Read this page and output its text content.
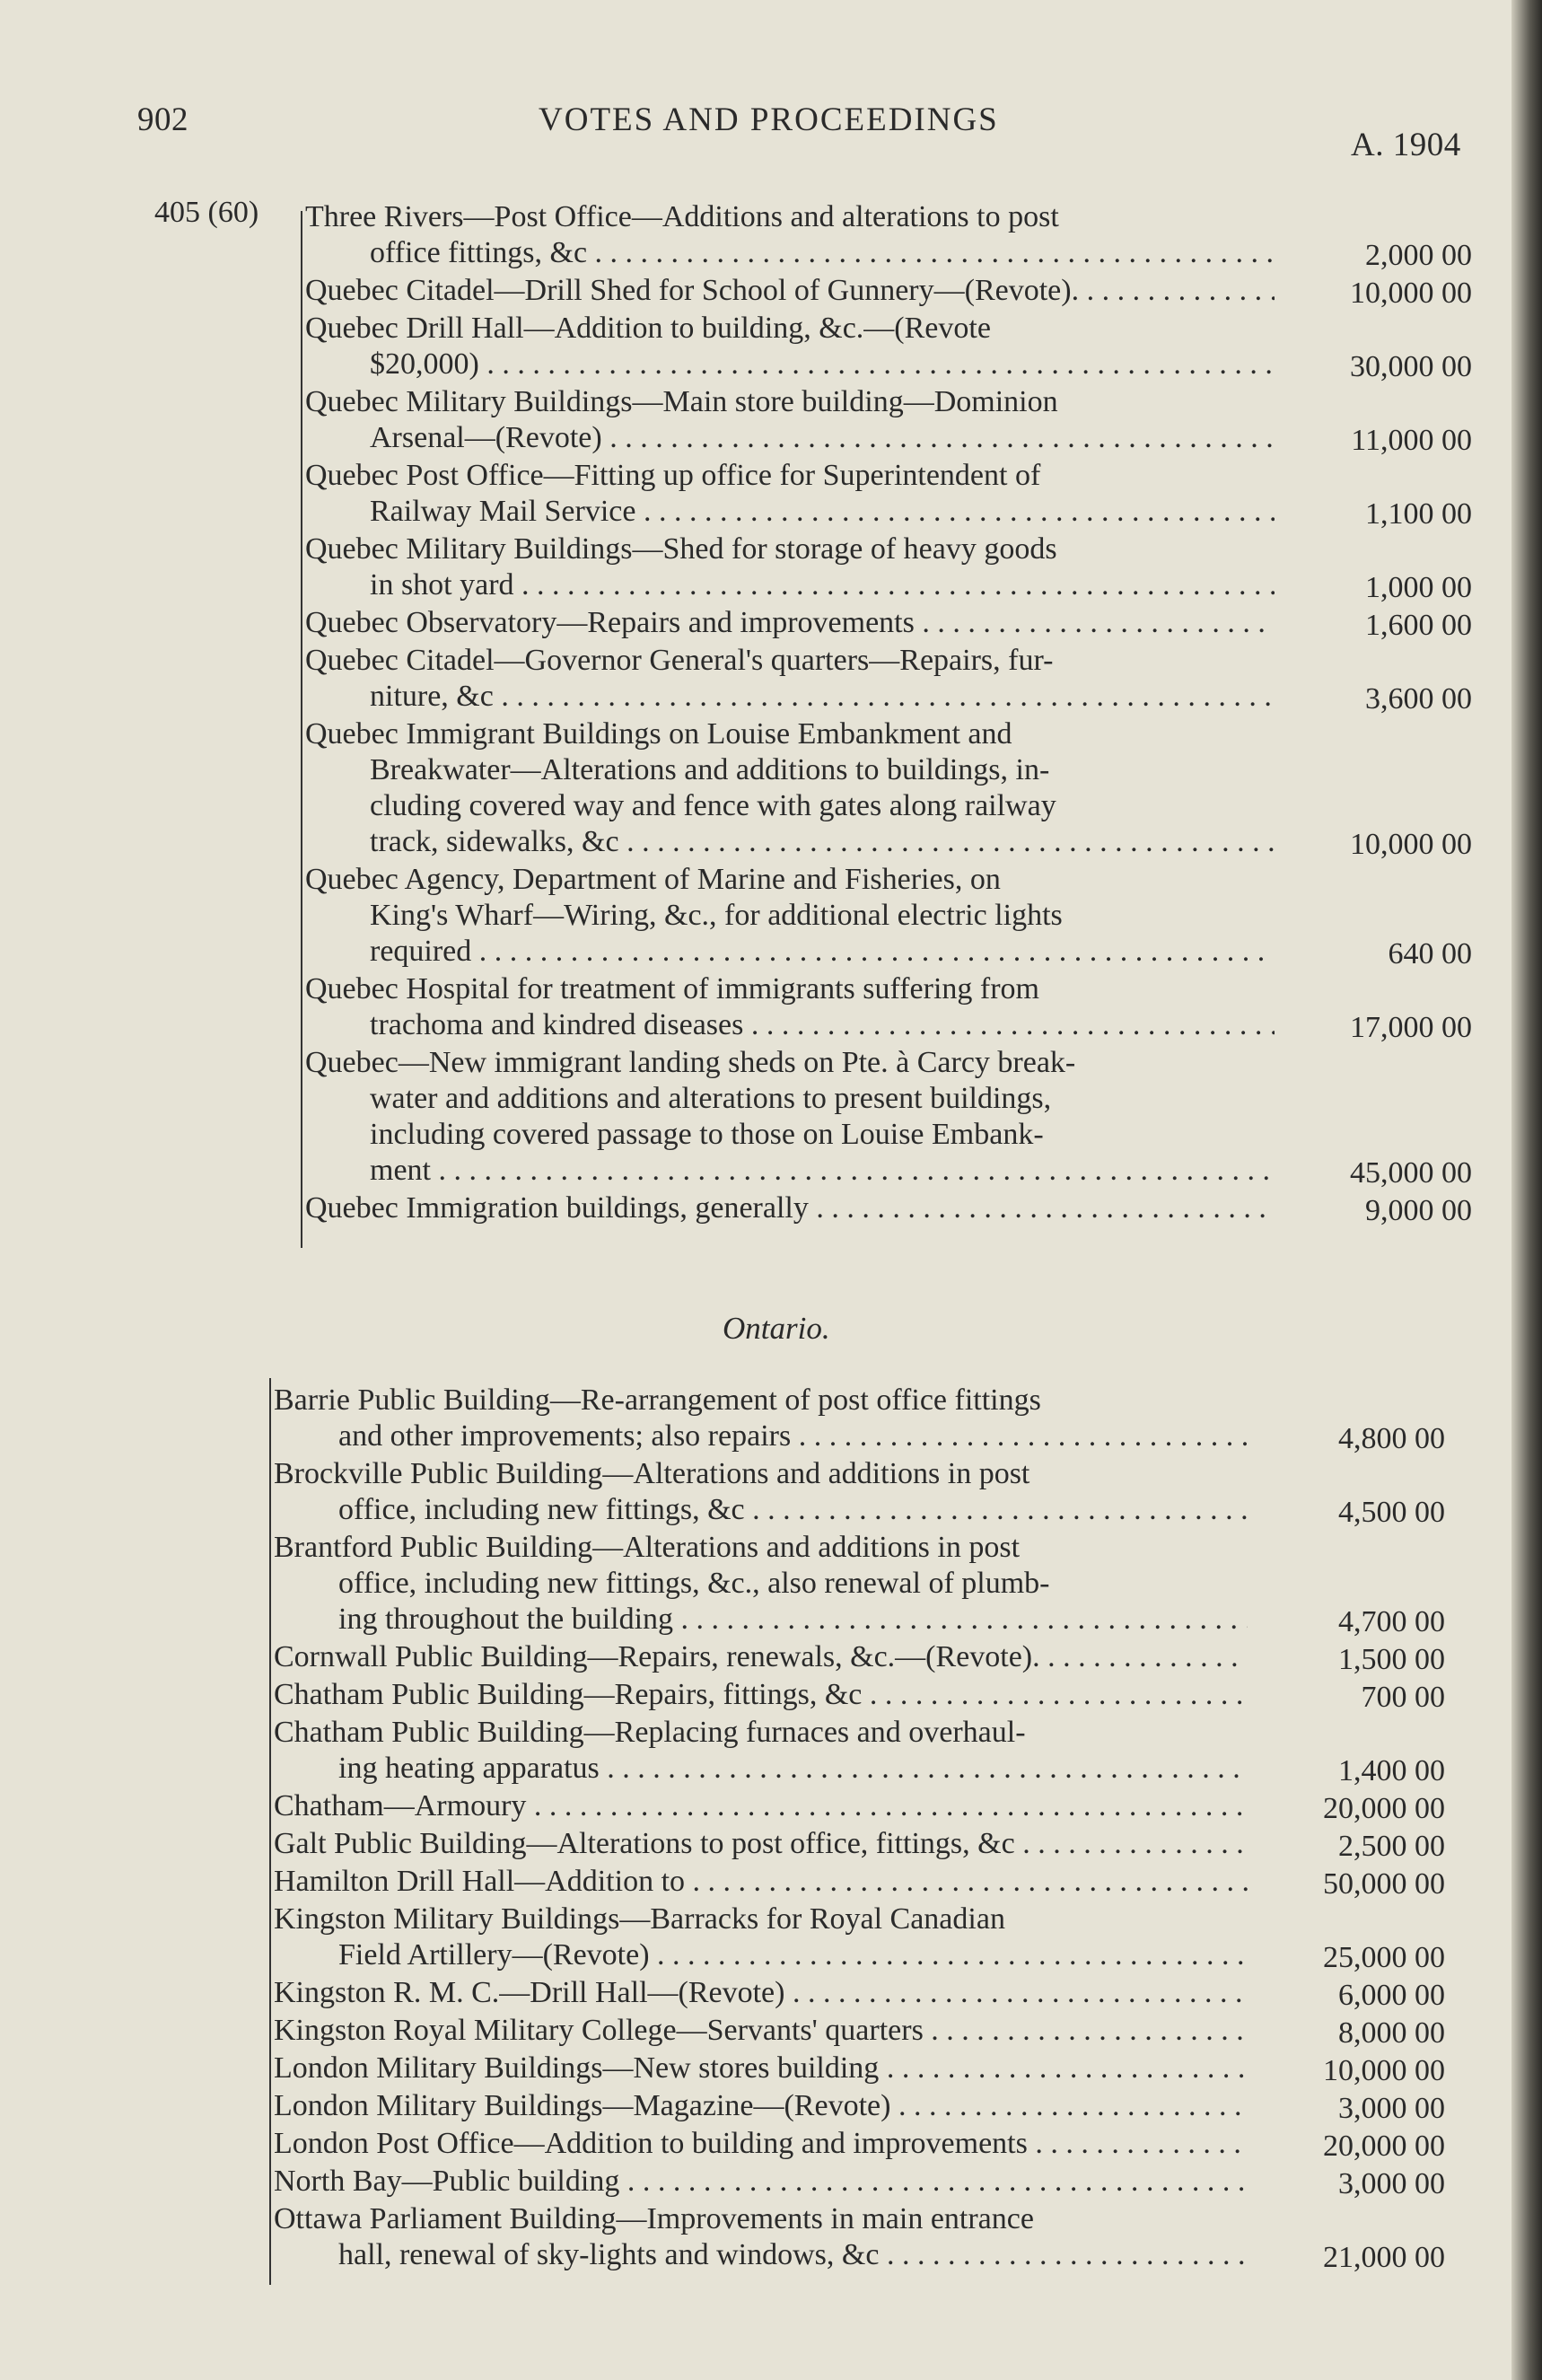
902	VOTES AND PROCEEDINGS
A. 1904
405 (60) Three Rivers—Post Office—Additions and alterations to post
office fittings, &c . . .	2,000 00
Quebec Citadel—Drill Shed for School of Gunnery—(Revote). . . .	10,000 00
Quebec Drill Hall—Addition to building, &c.—(Revote
$20,000) . . .	30,000 00
Quebec Military Buildings—Main store building—Dominion
Arsenal—(Revote) . . .	11,000 00
Quebec Post Office—Fitting up office for Superintendent of
Railway Mail Service . . .	1,100 00
Quebec Military Buildings—Shed for storage of heavy goods
in shot yard . . .	1,000 00
Quebec Observatory—Repairs and improvements . . .	1,600 00
Quebec Citadel—Governor General's quarters—Repairs, fur-
niture, &c . . .	3,600 00
Quebec Immigrant Buildings on Louise Embankment and
Breakwater—Alterations and additions to buildings, in-
cluding covered way and fence with gates along railway
track, sidewalks, &c . . .	10,000 00
Quebec Agency, Department of Marine and Fisheries, on
King's Wharf—Wiring, &c., for additional electric lights
required . . .	640 00
Quebec Hospital for treatment of immigrants suffering from
trachoma and kindred diseases . . .	17,000 00
Quebec—New immigrant landing sheds on Pte. à Carcy break-
water and additions and alterations to present buildings,
including covered passage to those on Louise Embank-
ment . . .	45,000 00
Quebec Immigration buildings, generally . . .	9,000 00
Ontario.
Barrie Public Building—Re-arrangement of post office fittings
and other improvements; also repairs . . .	4,800 00
Brockville Public Building—Alterations and additions in post
office, including new fittings, &c . . .	4,500 00
Brantford Public Building—Alterations and additions in post
office, including new fittings, &c., also renewal of plumb-
ing throughout the building . . .	4,700 00
Cornwall Public Building—Repairs, renewals, &c.—(Revote). . . .	1,500 00
Chatham Public Building—Repairs, fittings, &c . . .	700 00
Chatham Public Building—Replacing furnaces and overhaul-
ing heating apparatus . . .	1,400 00
Chatham—Armoury . . .	20,000 00
Galt Public Building—Alterations to post office, fittings, &c . . .	2,500 00
Hamilton Drill Hall—Addition to . . .	50,000 00
Kingston Military Buildings—Barracks for Royal Canadian
Field Artillery—(Revote) . . .	25,000 00
Kingston R. M. C.—Drill Hall—(Revote) . . .	6,000 00
Kingston Royal Military College—Servants' quarters . . .	8,000 00
London Military Buildings—New stores building . . .	10,000 00
London Military Buildings—Magazine—(Revote) . . .	3,000 00
London Post Office—Addition to building and improvements . . .	20,000 00
North Bay—Public building . . .	3,000 00
Ottawa Parliament Building—Improvements in main entrance
hall, renewal of sky-lights and windows, &c . . .	21,000 00
